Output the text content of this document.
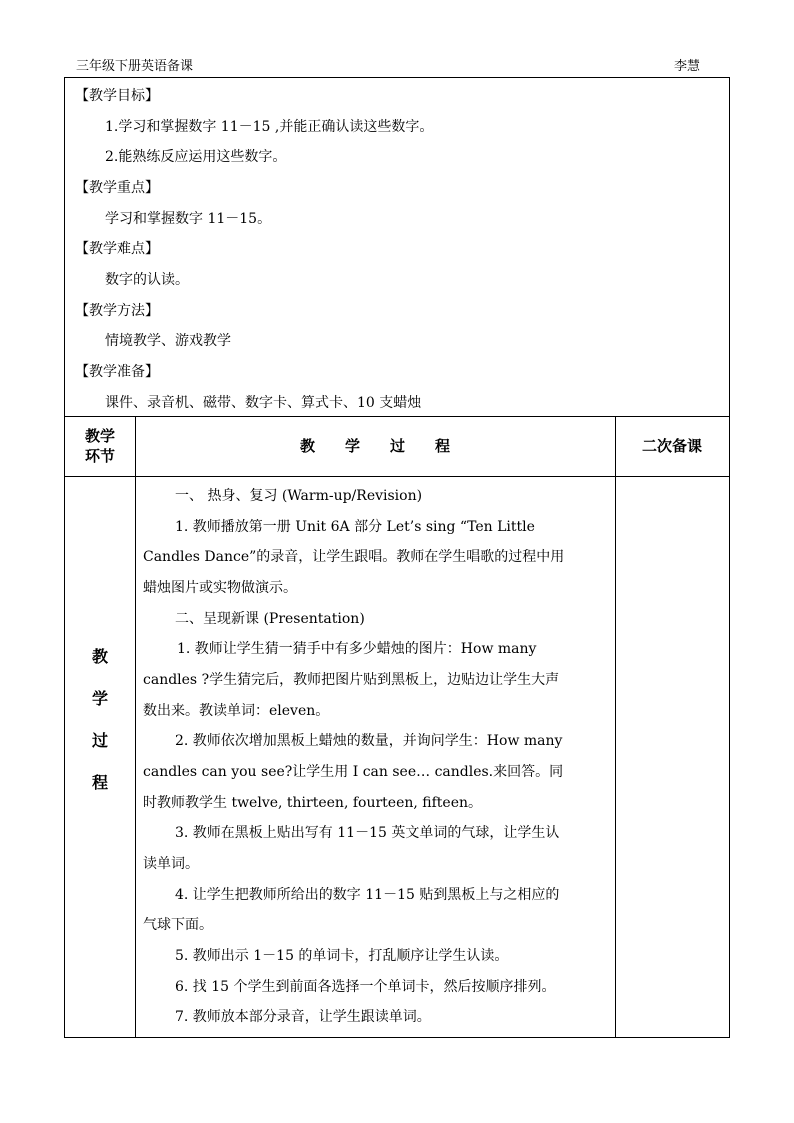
三年级下册英语备课	李慧
【教学目标】
1.学习和掌握数字 11－15 ,并能正确认读这些数字。
2.能熟练反应运用这些数字。
【教学重点】
学习和掌握数字 11－15。
【教学难点】
数字的认读。
【教学方法】
情境教学、游戏教学
【教学准备】
课件、录音机、磁带、数字卡、算式卡、10 支蜡烛
教学
环节
教　　学　　过　　程	二次备课
教
学
过
程
一、 热身、复习 (Warm-up/Revision)
1. 教师播放第一册 Unit 6A 部分 Let’s sing “Ten Little
Candles Dance”的录音，让学生跟唱。教师在学生唱歌的过程中用
蜡烛图片或实物做演示。
二、呈现新课 (Presentation)
1. 教师让学生猜一猜手中有多少蜡烛的图片：How many
candles ?学生猜完后，教师把图片贴到黑板上，边贴边让学生大声
数出来。教读单词：eleven。
2. 教师依次增加黑板上蜡烛的数量，并询问学生：How many
candles can you see?让学生用 I can see… candles.来回答。同
时教师教学生 twelve, thirteen, fourteen, fifteen。
3. 教师在黑板上贴出写有 11－15 英文单词的气球，让学生认
读单词。
4. 让学生把教师所给出的数字 11－15 贴到黑板上与之相应的
气球下面。
5. 教师出示 1－15 的单词卡，打乱顺序让学生认读。
6. 找 15 个学生到前面各选择一个单词卡，然后按顺序排列。
7. 教师放本部分录音，让学生跟读单词。
